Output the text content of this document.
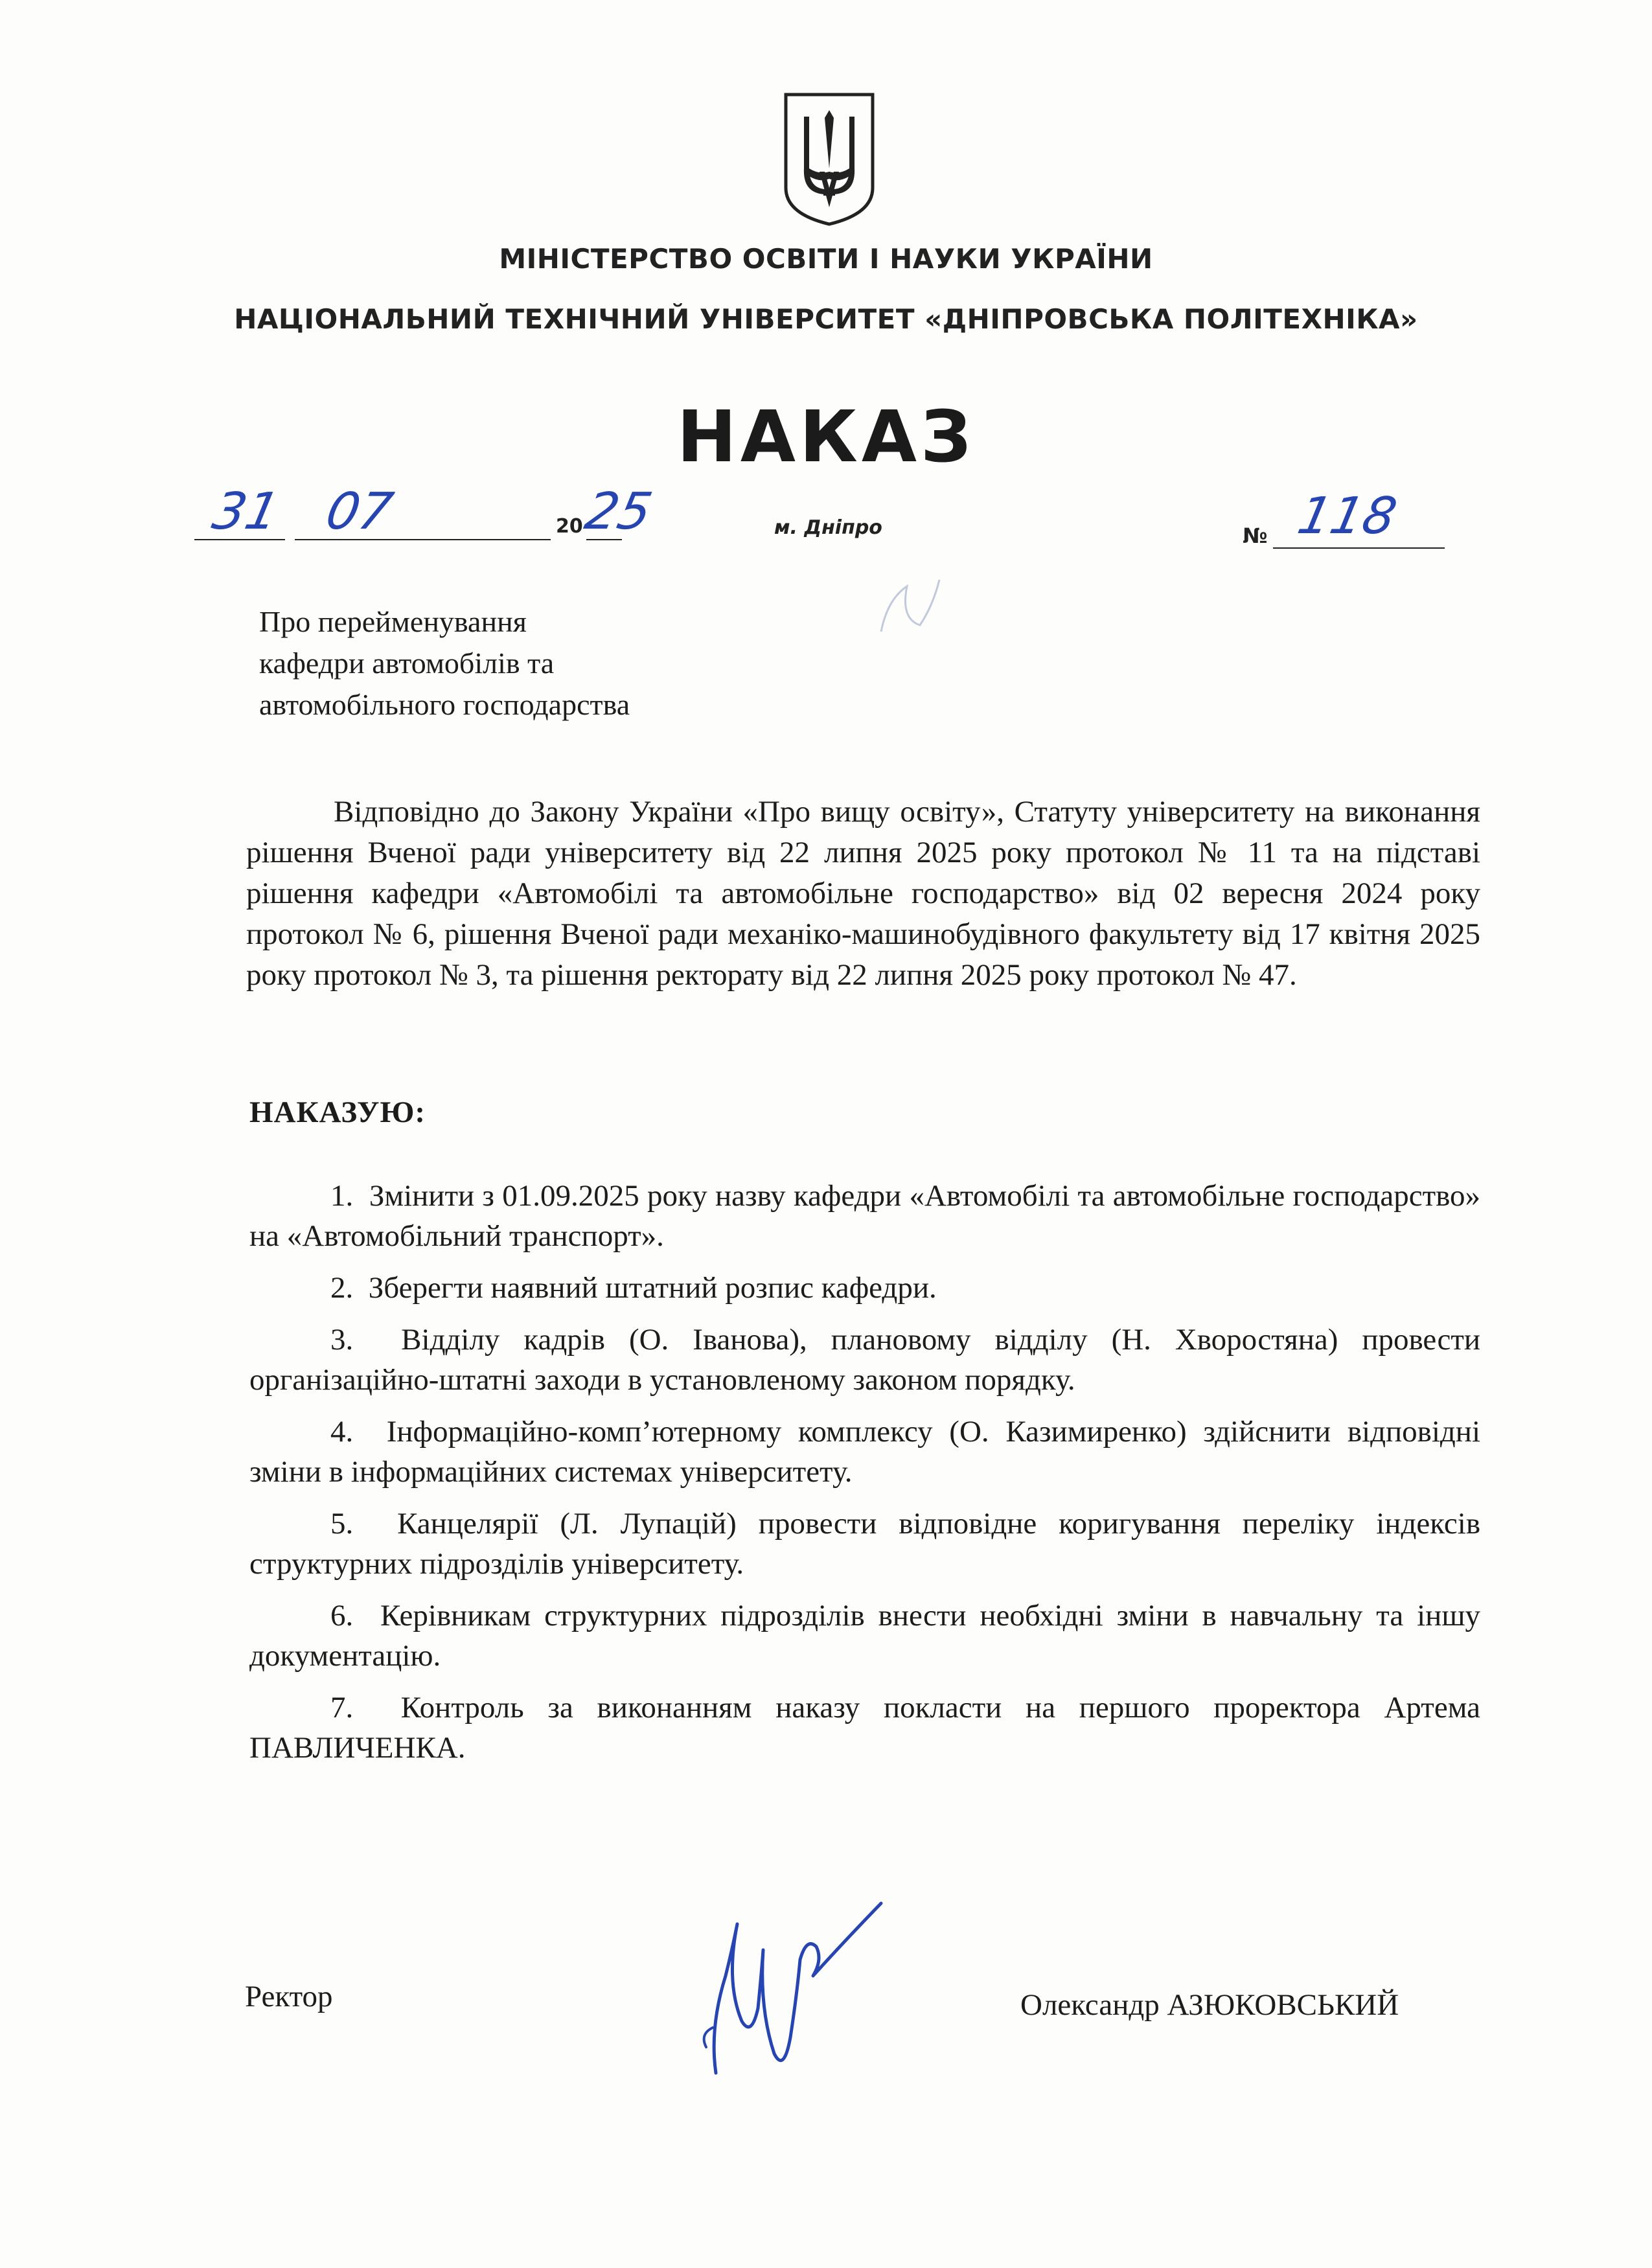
МІНІСТЕРСТВО ОСВІТИ І НАУКИ УКРАЇНИ
НАЦІОНАЛЬНИЙ ТЕХНІЧНИЙ УНІВЕРСИТЕТ «ДНІПРОВСЬКА ПОЛІТЕХНІКА»
НАКАЗ
31 07	20
25	м. Дніпро	№ 118
Про перейменування
кафедри автомобілів та
автомобільного господарства
Відповідно до Закону України «Про вищу освіту», Статуту університету на виконання рішення Вченої ради університету від 22 липня 2025 року протокол № 11 та на підставі рішення кафедри «Автомобілі та автомобільне господарство» від 02 вересня 2024 року протокол № 6, рішення Вченої ради механіко-машинобудівного факультету від 17 квітня 2025 року протокол № 3, та рішення ректорату від 22 липня 2025 року протокол № 47.
НАКАЗУЮ:
1. Змінити з 01.09.2025 року назву кафедри «Автомобілі та автомобільне господарство» на «Автомобільний транспорт».
2. Зберегти наявний штатний розпис кафедри.
3. Відділу кадрів (О. Іванова), плановому відділу (Н. Хворостяна) провести організаційно-штатні заходи в установленому законом порядку.
4. Інформаційно-комп’ютерному комплексу (О. Казимиренко) здійснити відповідні зміни в інформаційних системах університету.
5. Канцелярії (Л. Лупацій) провести відповідне коригування переліку індексів структурних підрозділів університету.
6. Керівникам структурних підрозділів внести необхідні зміни в навчальну та іншу документацію.
7. Контроль за виконанням наказу покласти на першого проректора Артема ПАВЛИЧЕНКА.
Ректор	Олександр АЗЮКОВСЬКИЙ
